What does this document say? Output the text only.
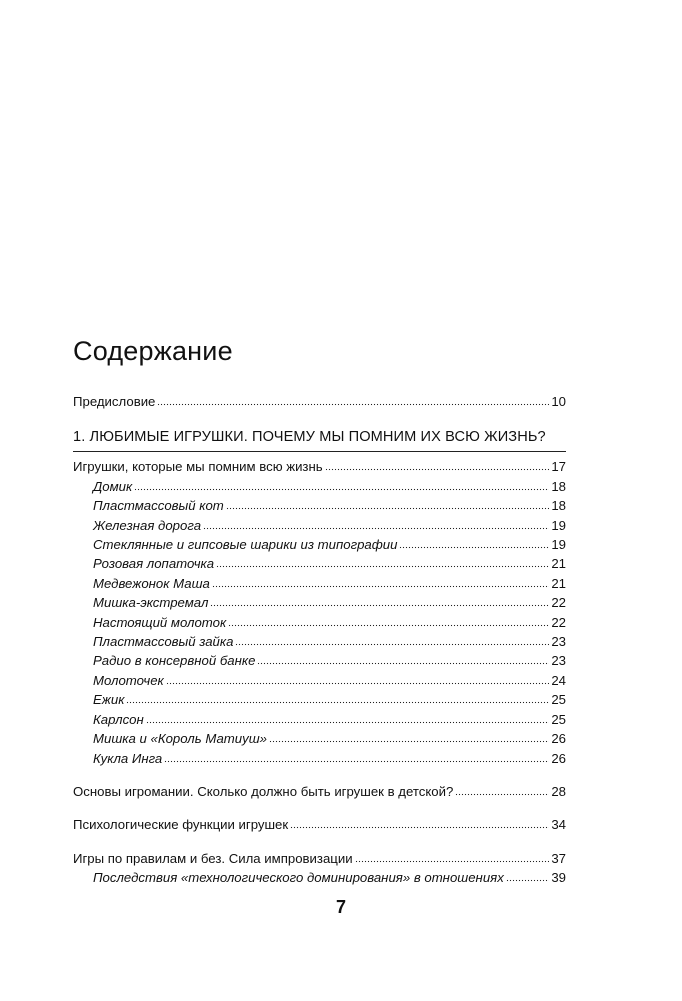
Содержание
Предисловие	10
1. ЛЮБИМЫЕ ИГРУШКИ. ПОЧЕМУ МЫ ПОМНИМ ИХ ВСЮ ЖИЗНЬ?
Игрушки, которые мы помним всю жизнь	17
Домик	18
Пластмассовый кот	18
Железная дорога	19
Стеклянные и гипсовые шарики из типографии	19
Розовая лопаточка	21
Медвежонок Маша	21
Мишка-экстремал	22
Настоящий молоток	22
Пластмассовый зайка	23
Радио в консервной банке	23
Молоточек	24
Ежик	25
Карлсон	25
Мишка и «Король Матиуш»	26
Кукла Инга	26
Основы игромании. Сколько должно быть игрушек в детской?	28
Психологические функции игрушек	34
Игры по правилам и без. Сила импровизации	37
Последствия «технологического доминирования» в отношениях	39
7
